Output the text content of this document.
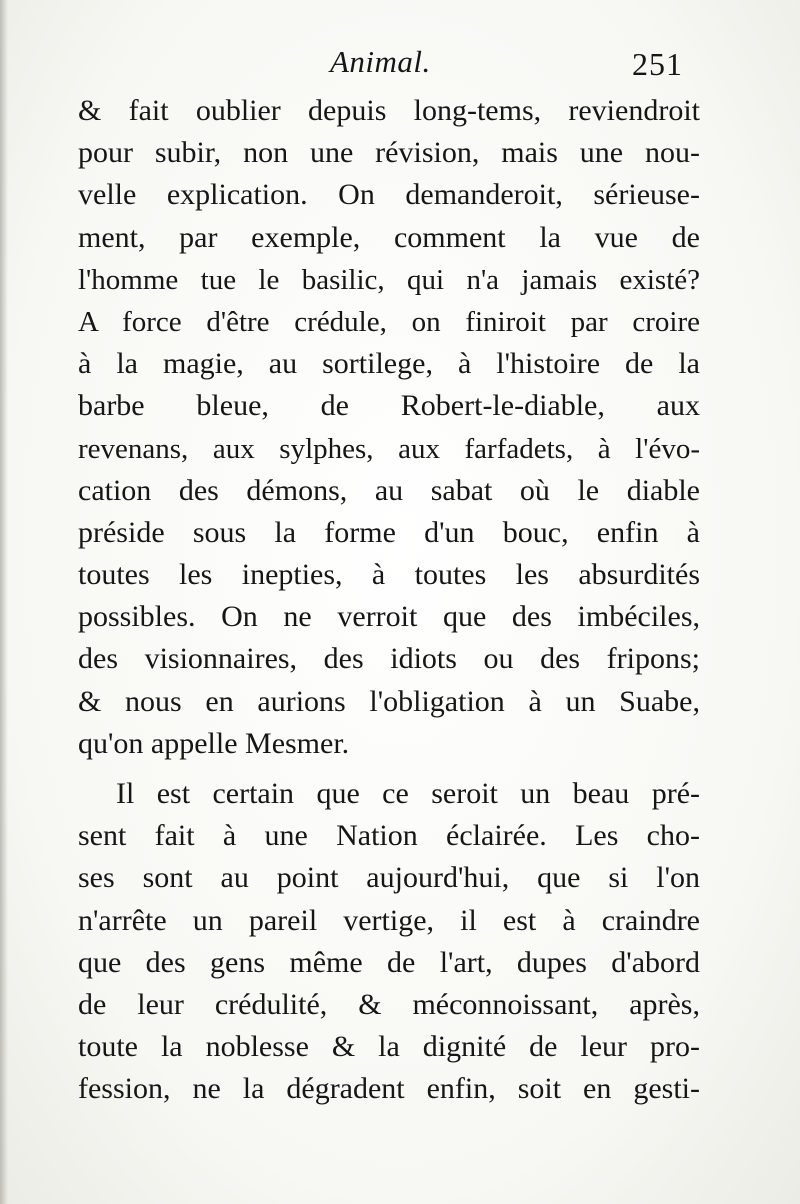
Animal.	251
& fait oublier depuis long-tems, reviendroit
pour subir, non une révision, mais une nou-
velle explication. On demanderoit, sérieuse-
ment, par exemple, comment la vue de
l'homme tue le basilic, qui n'a jamais existé?
A force d'être crédule, on finiroit par croire
à la magie, au sortilege, à l'histoire de la
barbe bleue, de Robert-le-diable, aux
revenans, aux sylphes, aux farfadets, à l'évo-
cation des démons, au sabat où le diable
préside sous la forme d'un bouc, enfin à
toutes les inepties, à toutes les absurdités
possibles. On ne verroit que des imbéciles,
des visionnaires, des idiots ou des fripons;
& nous en aurions l'obligation à un Suabe,
qu'on appelle Mesmer.
Il est certain que ce seroit un beau pré-
sent fait à une Nation éclairée. Les cho-
ses sont au point aujourd'hui, que si l'on
n'arrête un pareil vertige, il est à craindre
que des gens même de l'art, dupes d'abord
de leur crédulité, & méconnoissant, après,
toute la noblesse & la dignité de leur pro-
fession, ne la dégradent enfin, soit en gesti-
